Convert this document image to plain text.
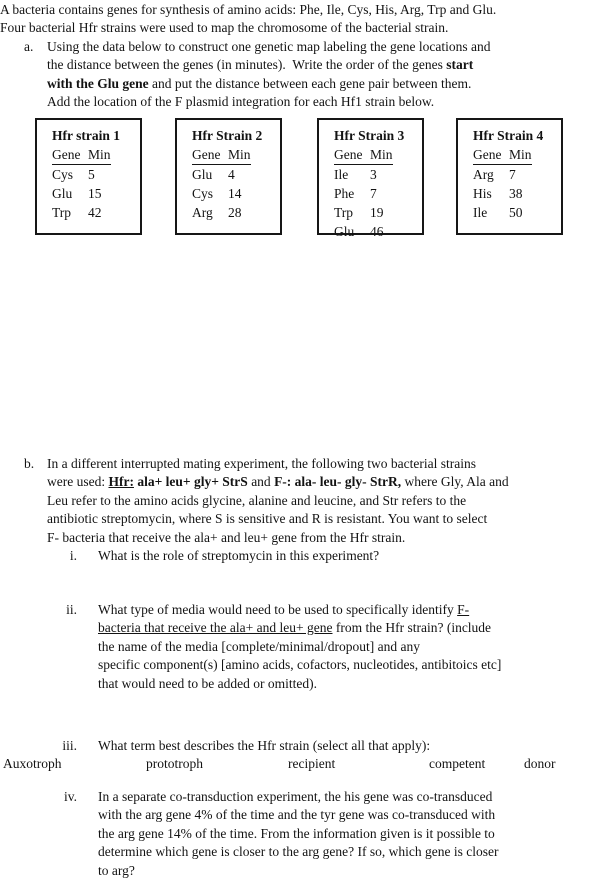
A bacteria contains genes for synthesis of amino acids: Phe, Ile, Cys, His, Arg, Trp and Glu.
Four bacterial Hfr strains were used to map the chromosome of the bacterial strain.
a. Using the data below to construct one genetic map labeling the gene locations and
the distance between the genes (in minutes).  Write the order of the genes start
with the Glu gene and put the distance between each gene pair between them.
Add the location of the F plasmid integration for each Hf1 strain below.
Hfr strain 1
Gene Min
Cys 5
Glu 15
Trp 42
Hfr Strain 2
Gene Min
Glu 4
Cys 14
Arg 28
Hfr Strain 3
Gene Min
Ile 3
Phe 7
Trp 19
Glu 46
Hfr Strain 4
Gene Min
Arg 7
His 38
Ile 50
b. In a different interrupted mating experiment, the following two bacterial strains
were used: Hfr: ala+ leu+ gly+ StrS and F-: ala- leu- gly- StrR, where Gly, Ala and
Leu refer to the amino acids glycine, alanine and leucine, and Str refers to the
antibiotic streptomycin, where S is sensitive and R is resistant. You want to select
F- bacteria that receive the ala+ and leu+ gene from the Hfr strain.
i. What is the role of streptomycin in this experiment?
ii. What type of media would need to be used to specifically identify F-
bacteria that receive the ala+ and leu+ gene from the Hfr strain? (include
the name of the media [complete/minimal/dropout] and any
specific component(s) [amino acids, cofactors, nucleotides, antibitoics etc]
that would need to be added or omitted).
iii. What term best describes the Hfr strain (select all that apply):
Auxotroph	prototroph	recipient	competent	donor
iv. In a separate co-transduction experiment, the his gene was co-transduced
with the arg gene 4% of the time and the tyr gene was co-transduced with
the arg gene 14% of the time. From the information given is it possible to
determine which gene is closer to the arg gene? If so, which gene is closer
to arg?
